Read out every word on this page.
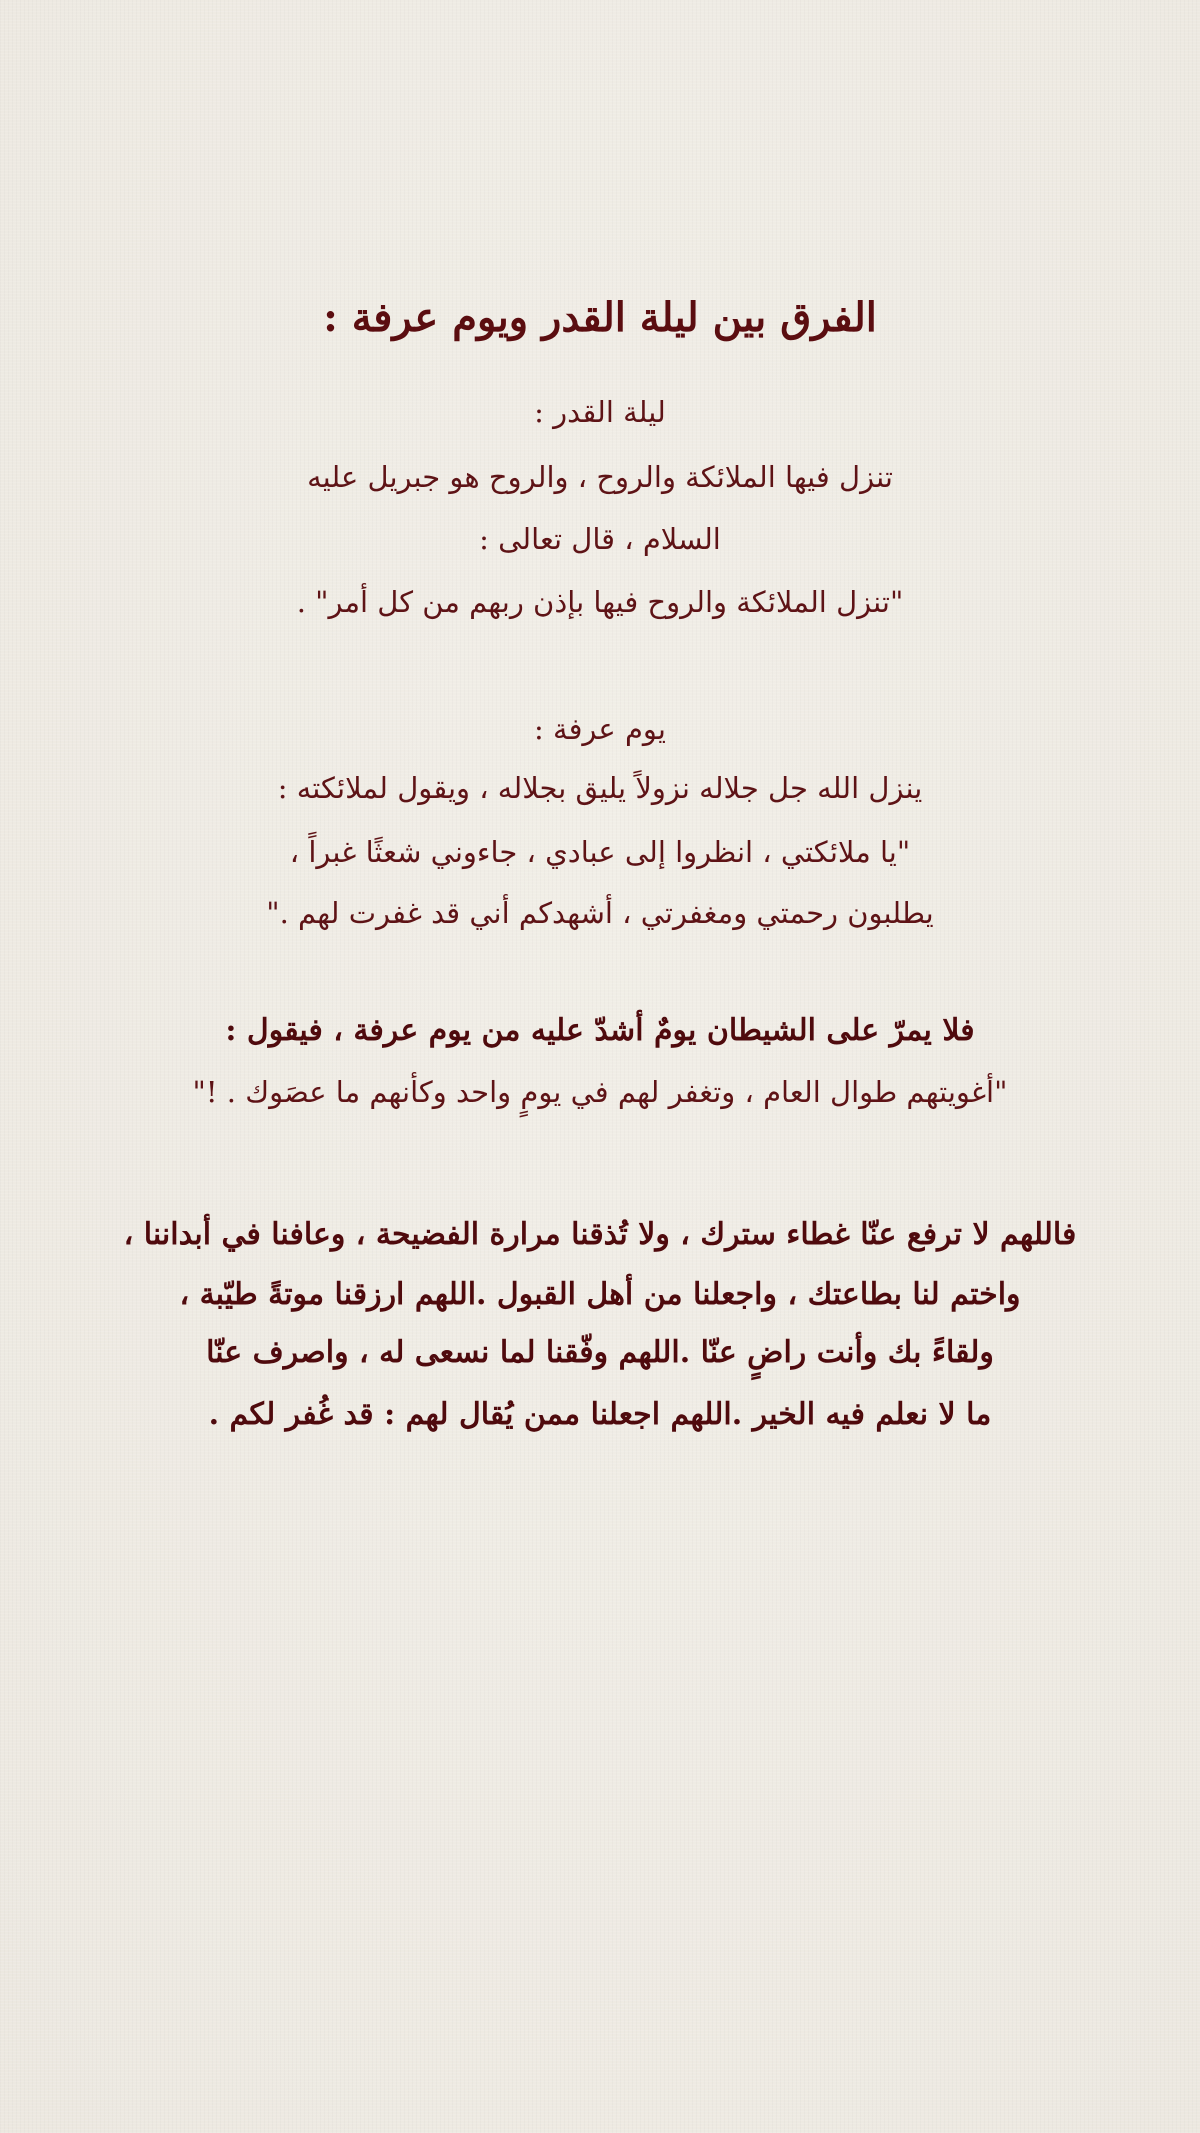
الفرق بين ليلة القدر ويوم عرفة :
ليلة القدر :
تنزل فيها الملائكة والروح ، والروح هو جبريل عليه
السلام ، قال تعالى :
"تنزل الملائكة والروح فيها بإذن ربهم من كل أمر" .
يوم عرفة :
ينزل الله جل جلاله نزولاً يليق بجلاله ، ويقول لملائكته :
"يا ملائكتي ، انظروا إلى عبادي ، جاءوني شعثًا غبراً ،
يطلبون رحمتي ومغفرتي ، أشهدكم أني قد غفرت لهم ."
فلا يمرّ على الشيطان يومٌ أشدّ عليه من يوم عرفة ، فيقول :
"أغويتهم طوال العام ، وتغفر لهم في يومٍ واحد وكأنهم ما عصَوك . !"
فاللهم لا ترفع عنّا غطاء سترك ، ولا تُذقنا مرارة الفضيحة ، وعافنا في أبداننا ،
واختم لنا بطاعتك ، واجعلنا من أهل القبول .اللهم ارزقنا موتةً طيّبة ،
ولقاءً بك وأنت راضٍ عنّا .اللهم وفّقنا لما نسعى له ، واصرف عنّا
ما لا نعلم فيه الخير .اللهم اجعلنا ممن يُقال لهم : قد غُفر لكم .
